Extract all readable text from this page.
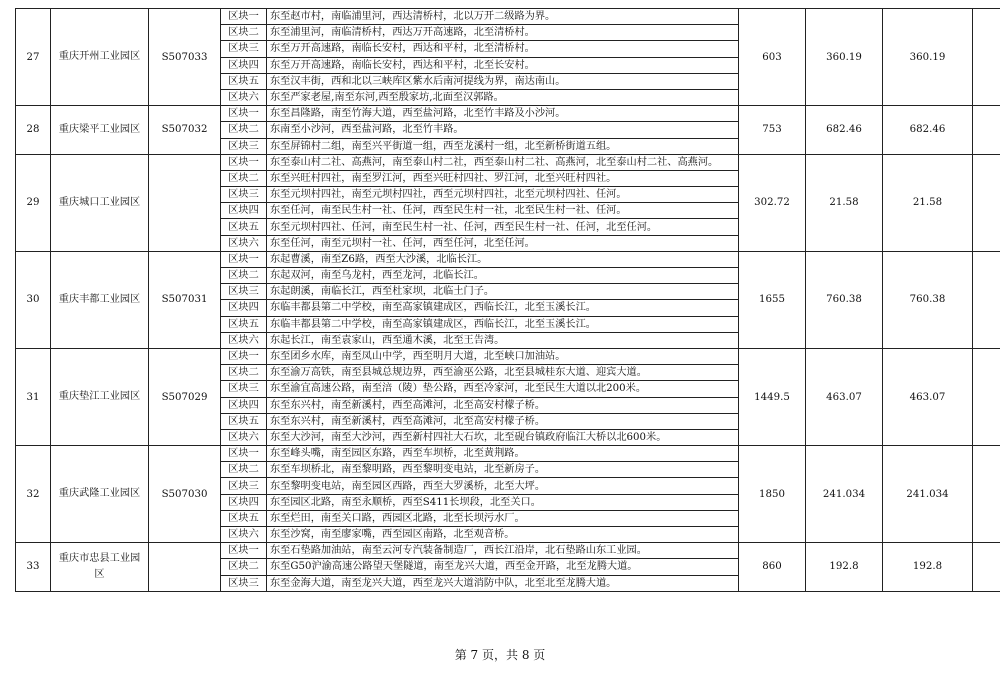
27	重庆开州工业园区	S507033	区块一	东至赵市村，南临浦里河，西达清桥村，北以万开二级路为界。	603	360.19	360.19		
			区块二	东至浦里河，南临清桥村，西达万开高速路，北至清桥村。					
			区块三	东至万开高速路，南临长安村，西达和平村，北至清桥村。					
			区块四	东至万开高速路，南临长安村，西达和平村，北至长安村。					
			区块五	东至汉丰街，西和北以三峡库区紫水后南河提线为界，南达南山。					
			区块六	东至严家老屋,南至东河,西至殷家坊,北面至汉郭路。					
28	重庆梁平工业园区	S507032	区块一	东至昌隆路，南至竹海大道，西至盐河路，北至竹丰路及小沙河。	753	682.46	682.46		
			区块二	东南至小沙河，西至盐河路，北至竹丰路。					
			区块三	东至屏锦村二组，南至兴平街道一组，西至龙溪村一组，北至新桥街道五组。					
29	重庆城口工业园区		区块一	东至泰山村二社、高燕河，南至泰山村二社，西至泰山村二社、高燕河，北至泰山村二社、高燕河。	302.72	21.58	21.58		
			区块二	东至兴旺村四社，南至罗江河，西至兴旺村四社、罗江河，北至兴旺村四社。					
			区块三	东至元坝村四社，南至元坝村四社，西至元坝村四社，北至元坝村四社、任河。					
			区块四	东至任河，南至民生村一社、任河，西至民生村一社，北至民生村一社、任河。					
			区块五	东至元坝村四社、任河，南至民生村一社、任河，西至民生村一社、任河，北至任河。					
			区块六	东至任河，南至元坝村一社、任河，西至任河，北至任河。					
30	重庆丰都工业园区	S507031	区块一	东起曹溪，南至Z6路，西至大沙溪，北临长江。	1655	760.38	760.38		
			区块二	东起双河，南至乌龙村，西至龙河，北临长江。					
			区块三	东起朗溪，南临长江，西至杜家坝，北临土门子。					
			区块四	东临丰都县第二中学校，南至高家镇建成区，西临长江，北至玉溪长江。					
			区块五	东临丰都县第二中学校，南至高家镇建成区，西临长江，北至玉溪长江。					
			区块六	东起长江，南至袁家山，西至通木溪，北至王告湾。					
31	重庆垫江工业园区	S507029	区块一	东至团乡水库，南至凤山中学，西至明月大道，北至峡口加油站。	1449.5	463.07	463.07		
			区块二	东至渝万高铁，南至县城总规边界，西至渝巫公路，北至县城桂东大道、迎宾大道。					
			区块三	东至渝宜高速公路，南至涪（陵）垫公路，西至冷家河，北至民生大道以北200米。					
			区块四	东至东兴村，南至新溪村，西至高滩河，北至高安村檬子桥。					
			区块五	东至东兴村，南至新溪村，西至高滩河，北至高安村檬子桥。					
			区块六	东至大沙河，南至大沙河，西至新村四社大石坎，北至砚台镇政府临江大桥以北600米。					
32	重庆武隆工业园区	S507030	区块一	东至峰头嘴，南至园区东路，西至车坝桥，北至黄荆路。	1850	241.034	241.034		
			区块二	东至车坝桥北，南至黎明路，西至黎明变电站，北至新房子。					
			区块三	东至黎明变电站，南至园区西路，西至大罗溪桥，北至大坪。					
			区块四	东至园区北路，南至永顺桥，西至S411长坝段，北至关口。					
			区块五	东至烂田，南至关口路，西园区北路，北至长坝污水厂。					
			区块六	东至沙窝，南至廖家嘴，西至园区南路，北至观音桥。					
33	重庆市忠县工业园区		区块一	东至石垫路加油站，南至云河专汽装备制造厂，西长江沿岸，北石垫路山东工业园。	860	192.8	192.8		
			区块二	东至G50沪渝高速公路望天堡隧道，南至龙兴大道，西至金开路，北至龙腾大道。					
			区块三	东至金海大道，南至龙兴大道，西至龙兴大道消防中队，北至北至龙腾大道。					
第 7 页，共 8 页
